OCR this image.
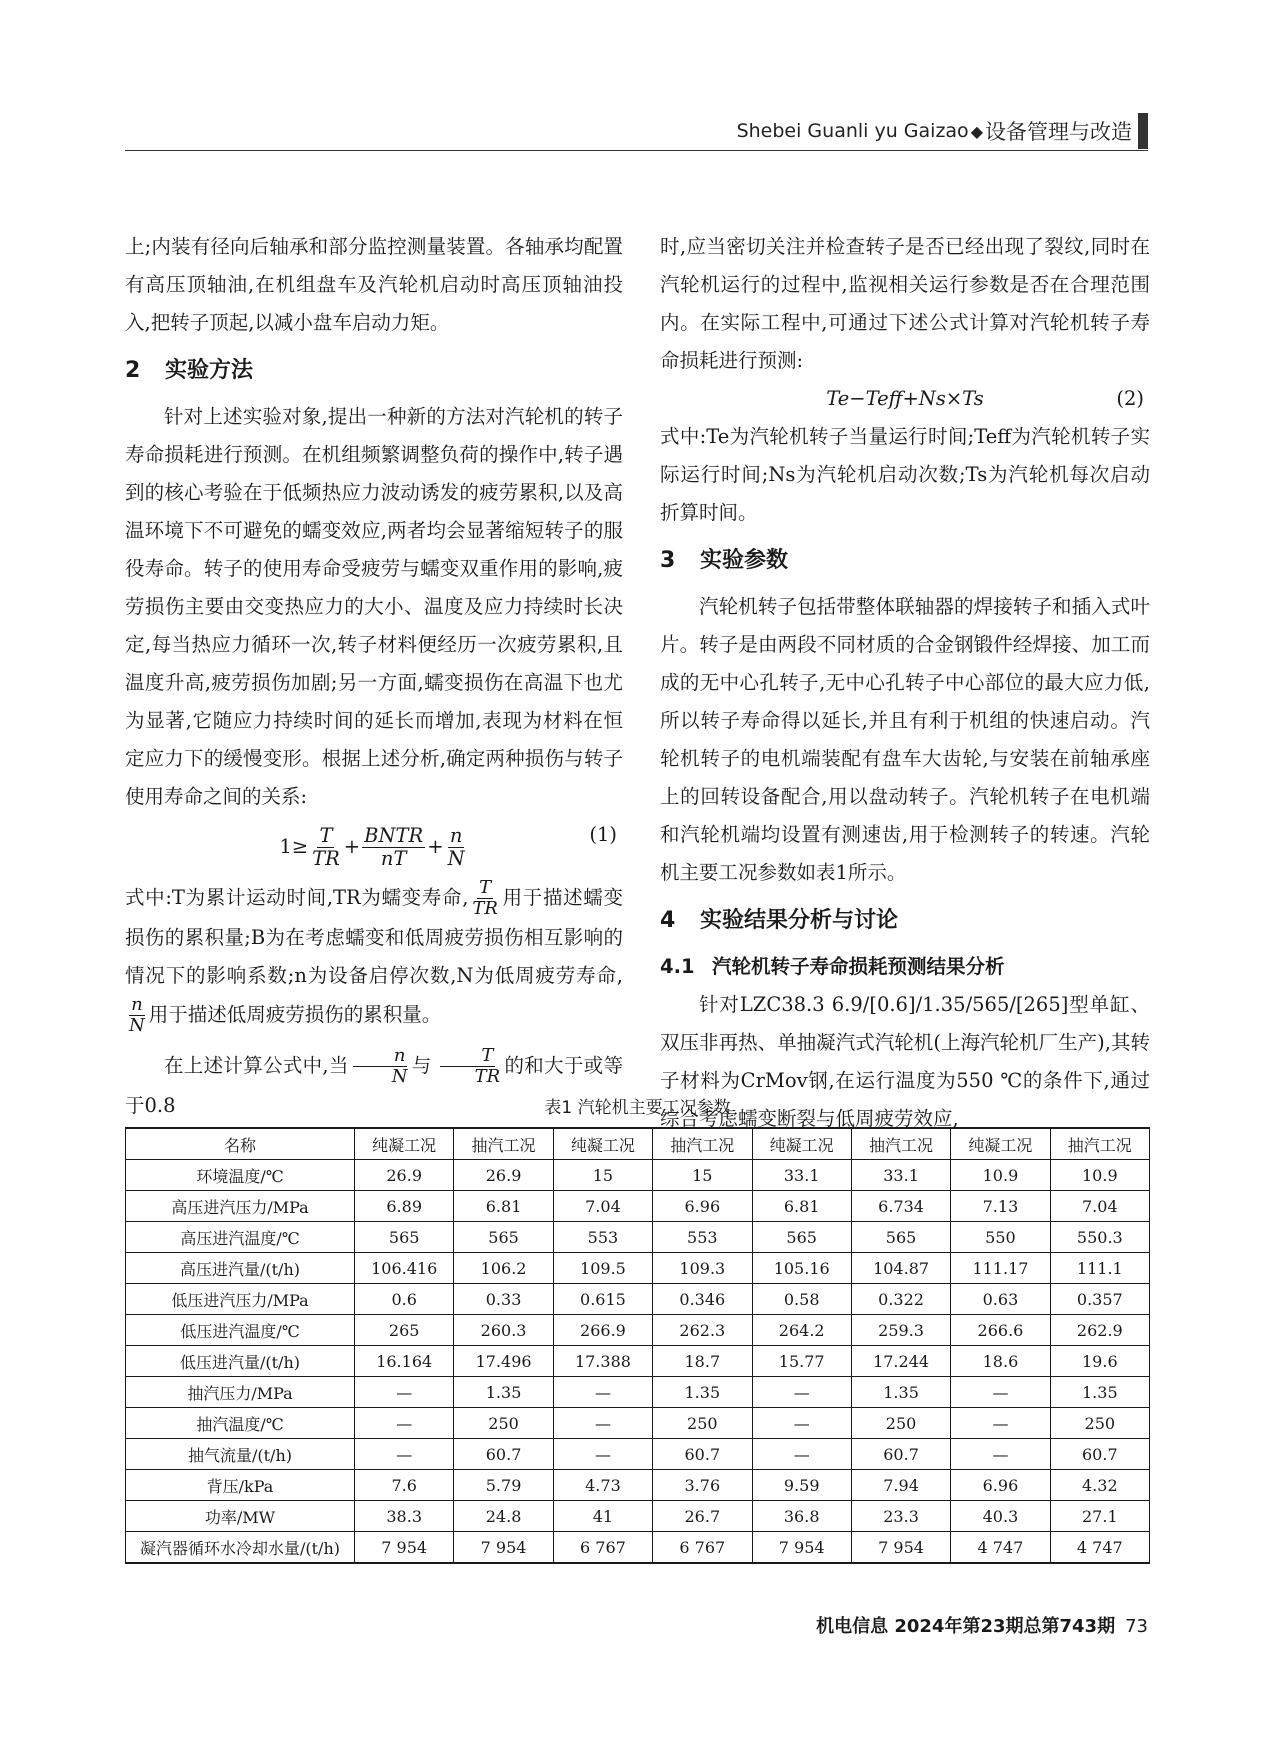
Shebei Guanli yu Gaizao ◆ 设备管理与改造

上;内装有径向后轴承和部分监控测量装置。各轴承均配置有高压顶轴油,在机组盘车及汽轮机启动时高压顶轴油投入,把转子顶起,以减小盘车启动力矩。

2 实验方法

针对上述实验对象,提出一种新的方法对汽轮机的转子寿命损耗进行预测。在机组频繁调整负荷的操作中,转子遇到的核心考验在于低频热应力波动诱发的疲劳累积,以及高温环境下不可避免的蠕变效应,两者均会显著缩短转子的服役寿命。转子的使用寿命受疲劳与蠕变双重作用的影响,疲劳损伤主要由交变热应力的大小、温度及应力持续时长决定,每当热应力循环一次,转子材料便经历一次疲劳累积,且温度升高,疲劳损伤加剧;另一方面,蠕变损伤在高温下也尤为显著,它随应力持续时间的延长而增加,表现为材料在恒定应力下的缓慢变形。根据上述分析,确定两种损伤与转子使用寿命之间的关系:

$1\ge \frac{T}{TR} + \frac{\text{BNTR}}{nT} + \frac{n}{N}$	(1)

式中:T为累计运动时间,TR为蠕变寿命, $\frac{T}{TR}$ 用于描述蠕变损伤的累积量;B为在考虑蠕变和低周疲劳损伤相互影响的情况下的影响系数;n为设备启停次数,N为低周疲劳寿命,
$\frac{n}{N}$ 用于描述低周疲劳损伤的累积量。

在上述计算公式中,当 $\frac{n}{N}$ 与 $\frac{T}{TR}$ 的和大于或等于0.8

时,应当密切关注并检查转子是否已经出现了裂纹,同时在汽轮机运行的过程中,监视相关运行参数是否在合理范围内。在实际工程中,可通过下述公式计算对汽轮机转子寿命损耗进行预测:

Te−Teff+Ns×Ts	(2)

式中:Te为汽轮机转子当量运行时间;Teff为汽轮机转子实际运行时间;Ns为汽轮机启动次数;Ts为汽轮机每次启动折算时间。

3 实验参数

汽轮机转子包括带整体联轴器的焊接转子和插入式叶片。转子是由两段不同材质的合金钢锻件经焊接、加工而成的无中心孔转子,无中心孔转子中心部位的最大应力低,所以转子寿命得以延长,并且有利于机组的快速启动。汽轮机转子的电机端装配有盘车大齿轮,与安装在前轴承座上的回转设备配合,用以盘动转子。汽轮机转子在电机端和汽轮机端均设置有测速齿,用于检测转子的转速。汽轮机主要工况参数如表1所示。

4 实验结果分析与讨论
4.1 汽轮机转子寿命损耗预测结果分析

针对LZC38.3 6.9/[0.6]/1.35/565/[265]型单缸、双压非再热、单抽凝汽式汽轮机(上海汽轮机厂生产),其转子材料为CrMov钢,在运行温度为550 ℃的条件下,通过综合考虑蠕变断裂与低周疲劳效应,

表1 汽轮机主要工况参数
名称	纯凝工况	抽汽工况	纯凝工况	抽汽工况	纯凝工况	抽汽工况	纯凝工况	抽汽工况
环境温度/℃	26.9	26.9	15	15	33.1	33.1	10.9	10.9
高压进汽压力/MPa	6.89	6.81	7.04	6.96	6.81	6.734	7.13	7.04
高压进汽温度/℃	565	565	553	553	565	565	550	550.3
高压进汽量/(t/h)	106.416	106.2	109.5	109.3	105.16	104.87	111.17	111.1
低压进汽压力/MPa	0.6	0.33	0.615	0.346	0.58	0.322	0.63	0.357
低压进汽温度/℃	265	260.3	266.9	262.3	264.2	259.3	266.6	262.9
低压进汽量/(t/h)	16.164	17.496	17.388	18.7	15.77	17.244	18.6	19.6
抽汽压力/MPa	—	1.35	—	1.35	—	1.35	—	1.35
抽汽温度/℃	—	250	—	250	—	250	—	250
抽气流量/(t/h)	—	60.7	—	60.7	—	60.7	—	60.7
背压/kPa	7.6	5.79	4.73	3.76	9.59	7.94	6.96	4.32
功率/MW	38.3	24.8	41	26.7	36.8	23.3	40.3	27.1
凝汽器循环水冷却水量/(t/h)	7 954	7 954	6 767	6 767	7 954	7 954	4 747	4 747
机电信息 2024年第23期总第743期 73
